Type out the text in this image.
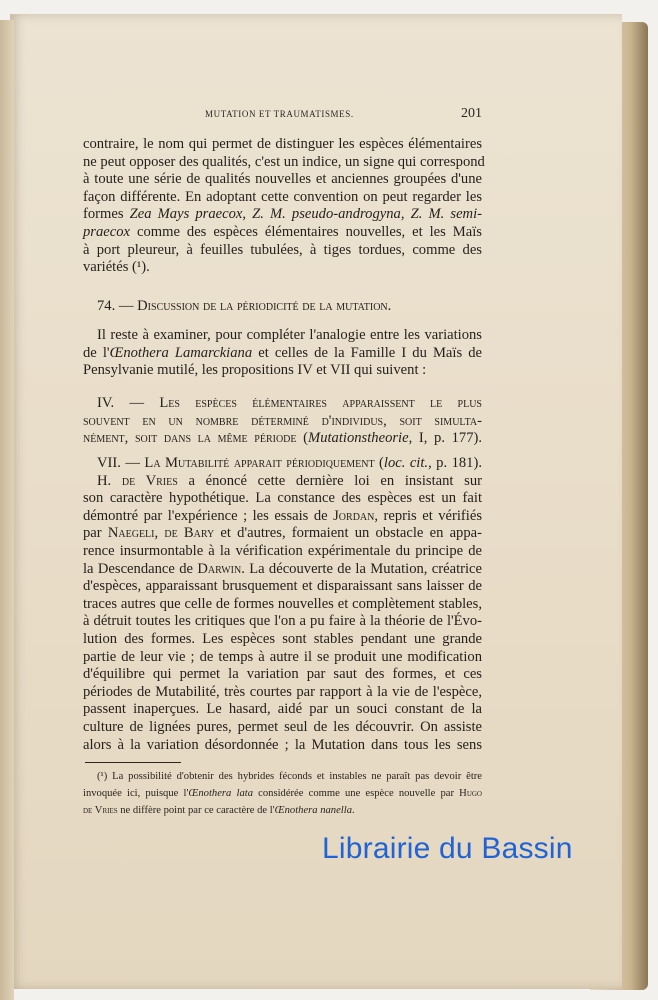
MUTATION ET TRAUMATISMES.	201
contraire, le nom qui permet de distinguer les espèces élémentaires
ne peut opposer des qualités, c'est un indice, un signe qui correspond
à toute une série de qualités nouvelles et anciennes groupées d'une
façon différente. En adoptant cette convention on peut regarder les
formes Zea Mays praecox, Z. M. pseudo-androgyna, Z. M. semi-
praecox comme des espèces élémentaires nouvelles, et les Maïs
à port pleureur, à feuilles tubulées, à tiges tordues, comme des
variétés (¹).
74. — Discussion de la périodicité de la mutation.
Il reste à examiner, pour compléter l'analogie entre les variations
de l'Œnothera Lamarckiana et celles de la Famille I du Maïs de
Pensylvanie mutilé, les propositions IV et VII qui suivent :
IV. — Les espèces élémentaires apparaissent le plus
souvent en un nombre déterminé d'individus, soit simulta-
nément, soit dans la même période (Mutationstheorie, I, p. 177).
VII. — La Mutabilité apparait périodiquement (loc. cit., p. 181).
H. de Vries a énoncé cette dernière loi en insistant sur
son caractère hypothétique. La constance des espèces est un fait
démontré par l'expérience ; les essais de Jordan, repris et vérifiés
par Naegeli, de Bary et d'autres, formaient un obstacle en appa-
rence insurmontable à la vérification expérimentale du principe de
la Descendance de Darwin. La découverte de la Mutation, créatrice
d'espèces, apparaissant brusquement et disparaissant sans laisser de
traces autres que celle de formes nouvelles et complètement stables,
à détruit toutes les critiques que l'on a pu faire à la théorie de l'Évo-
lution des formes. Les espèces sont stables pendant une grande
partie de leur vie ; de temps à autre il se produit une modification
d'équilibre qui permet la variation par saut des formes, et ces
périodes de Mutabilité, très courtes par rapport à la vie de l'espèce,
passent inaperçues. Le hasard, aidé par un souci constant de la
culture de lignées pures, permet seul de les découvrir. On assiste
alors à la variation désordonnée ; la Mutation dans tous les sens
(¹) La possibilité d'obtenir des hybrides féconds et instables ne paraît pas devoir être
invoquée ici, puisque l'Œnothera lata considérée comme une espèce nouvelle par Hugo
de Vries ne diffère point par ce caractère de l'Œnothera nanella.
Librairie du Bassin
